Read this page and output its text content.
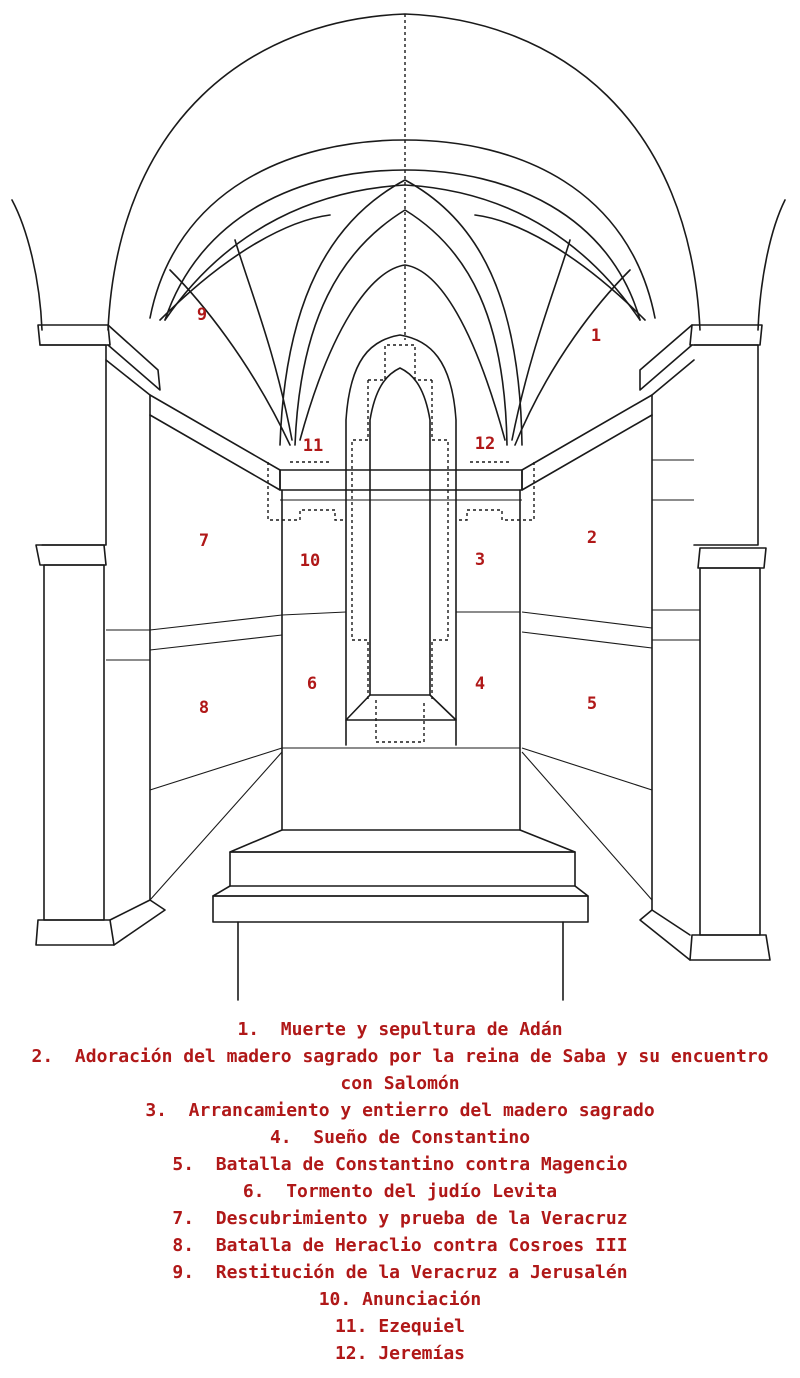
1
2
3
4
5
6
7
8
9
10
11	12
1.  Muerte y sepultura de Adán
2.  Adoración del madero sagrado por la reina de Saba y su encuentro con Salomón
3.  Arrancamiento y entierro del madero sagrado
4.  Sueño de Constantino
5.  Batalla de Constantino contra Magencio
6.  Tormento del judío Levita
7.  Descubrimiento y prueba de la Veracruz
8.  Batalla de Heraclio contra Cosroes III
9.  Restitución de la Veracruz a Jerusalén
10. Anunciación
11. Ezequiel
12. Jeremías
